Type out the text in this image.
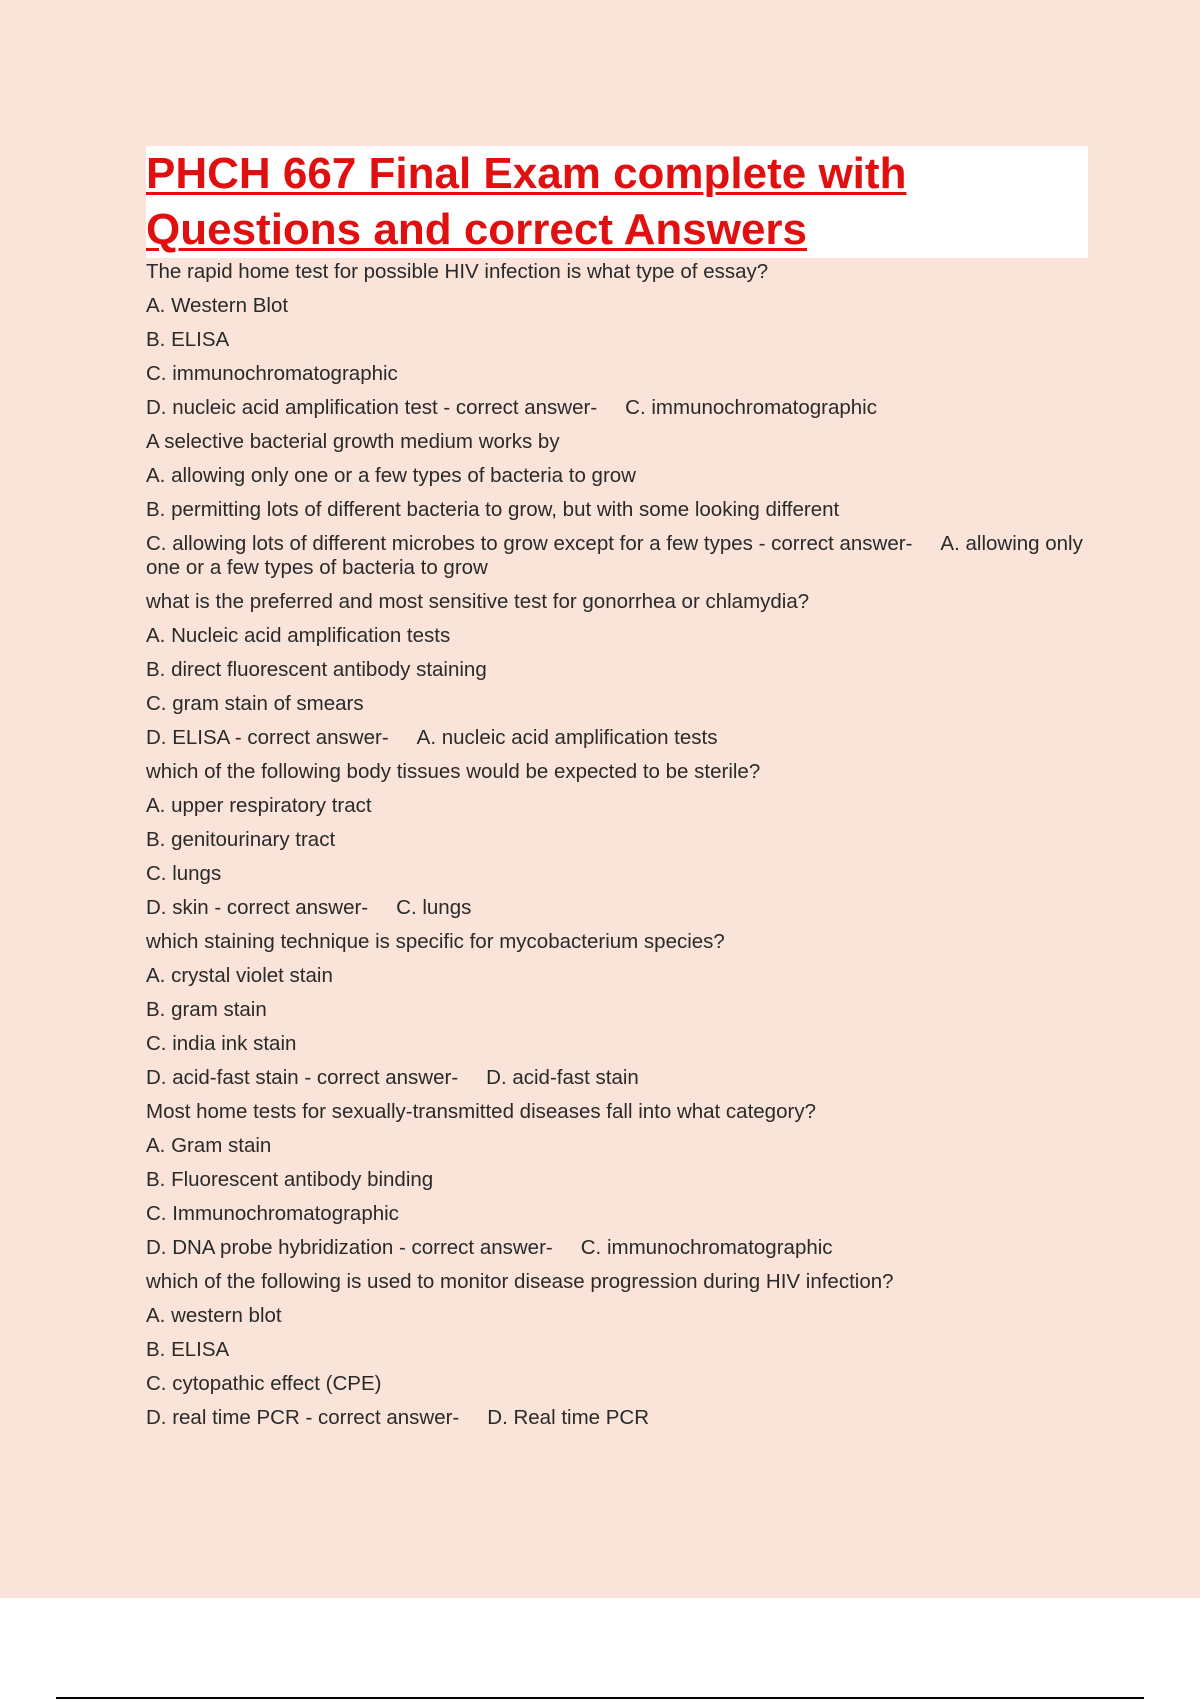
PHCH 667 Final Exam complete with Questions and correct Answers

The rapid home test for possible HIV infection is what type of essay?

A. Western Blot

B. ELISA

C. immunochromatographic

D. nucleic acid amplification test - correct answer- C. immunochromatographic

A selective bacterial growth medium works by

A. allowing only one or a few types of bacteria to grow

B. permitting lots of different bacteria to grow, but with some looking different

C. allowing lots of different microbes to grow except for a few types - correct answer- A. allowing only one or a few types of bacteria to grow

what is the preferred and most sensitive test for gonorrhea or chlamydia?

A. Nucleic acid amplification tests

B. direct fluorescent antibody staining

C. gram stain of smears

D. ELISA - correct answer- A. nucleic acid amplification tests

which of the following body tissues would be expected to be sterile?

A. upper respiratory tract

B. genitourinary tract

C. lungs

D. skin - correct answer- C. lungs

which staining technique is specific for mycobacterium species?

A. crystal violet stain

B. gram stain

C. india ink stain

D. acid-fast stain - correct answer- D. acid-fast stain

Most home tests for sexually-transmitted diseases fall into what category?

A. Gram stain

B. Fluorescent antibody binding

C. Immunochromatographic

D. DNA probe hybridization - correct answer- C. immunochromatographic

which of the following is used to monitor disease progression during HIV infection?

A. western blot

B. ELISA

C. cytopathic effect (CPE)

D. real time PCR - correct answer- D. Real time PCR
